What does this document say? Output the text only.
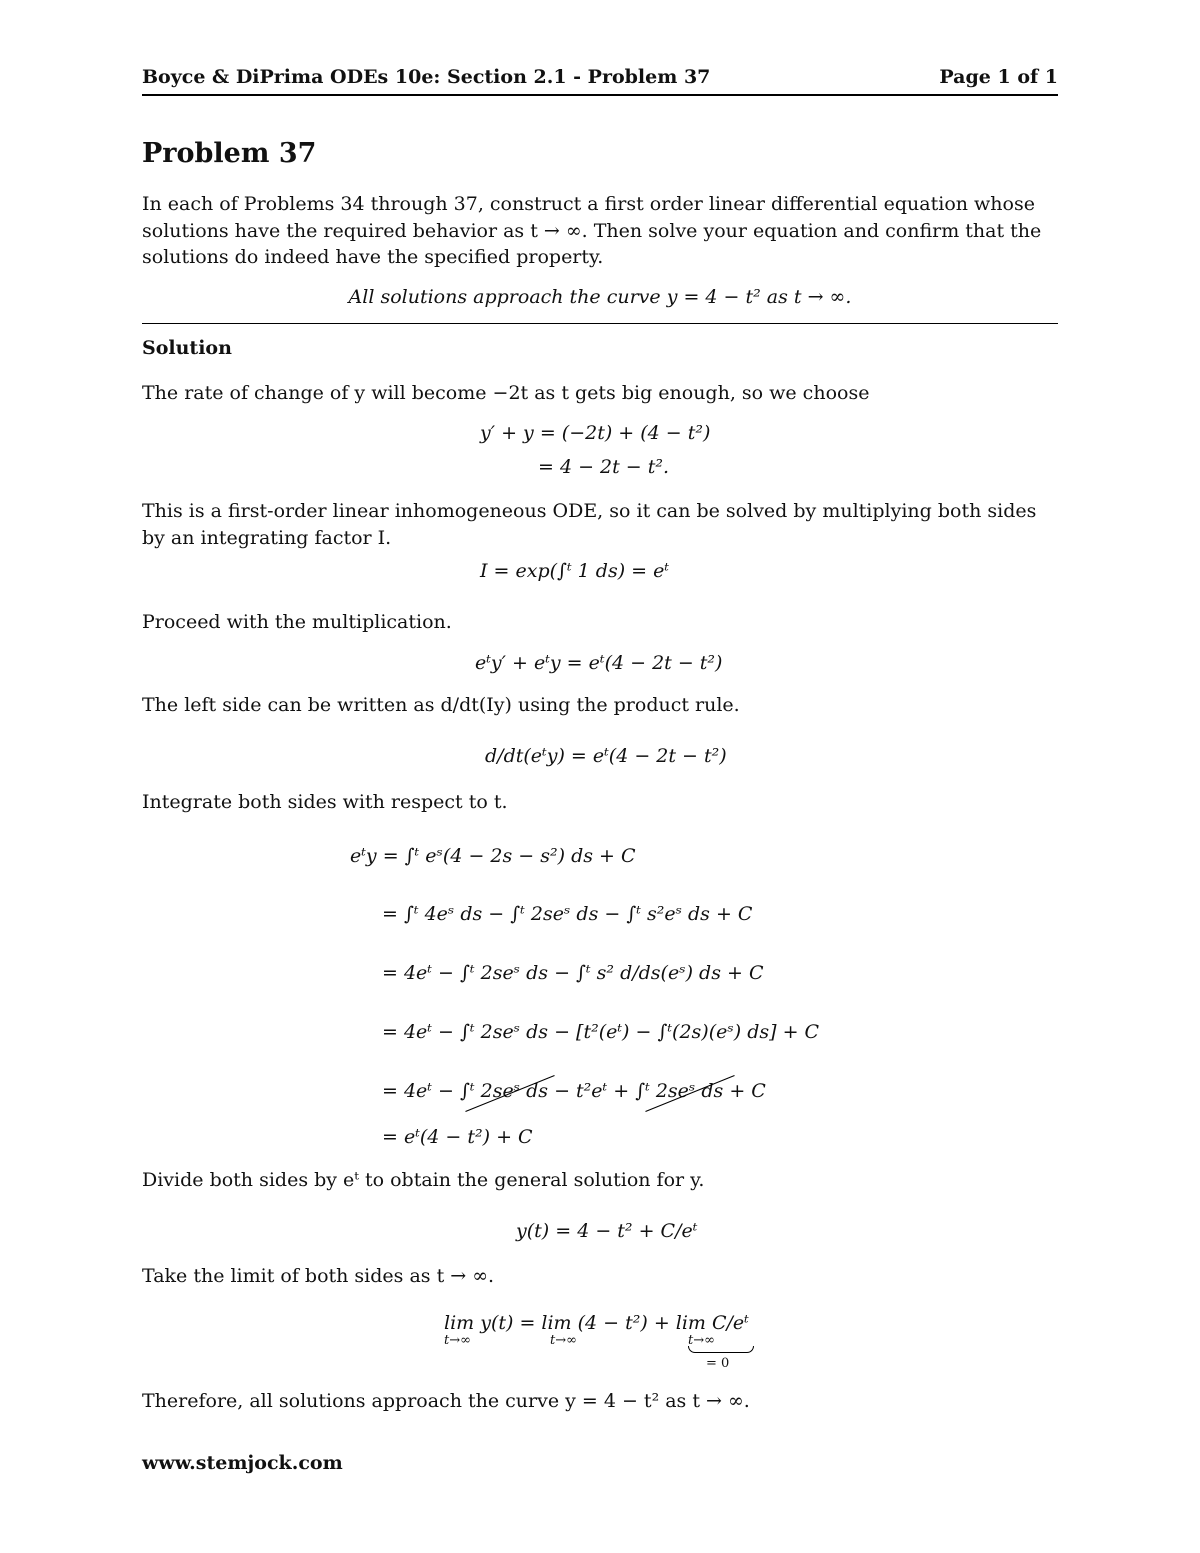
Boyce & DiPrima ODEs 10e: Section 2.1 - Problem 37	Page 1 of 1
Problem 37
In each of Problems 34 through 37, construct a first order linear differential equation whose solutions have the required behavior as t → ∞. Then solve your equation and confirm that the solutions do indeed have the specified property.
All solutions approach the curve y = 4 − t² as t → ∞.
Solution
The rate of change of y will become −2t as t gets big enough, so we choose
y′ + y = (−2t) + (4 − t²)
= 4 − 2t − t².
This is a first-order linear inhomogeneous ODE, so it can be solved by multiplying both sides by an integrating factor I.
I = exp(∫ᵗ 1 ds) = eᵗ
Proceed with the multiplication.
eᵗy′ + eᵗy = eᵗ(4 − 2t − t²)
The left side can be written as d/dt(Iy) using the product rule.
d/dt(eᵗy) = eᵗ(4 − 2t − t²)
Integrate both sides with respect to t.
eᵗy = ∫ᵗ eˢ(4 − 2s − s²) ds + C
= ∫ᵗ 4eˢ ds − ∫ᵗ 2seˢ ds − ∫ᵗ s²eˢ ds + C
= 4eᵗ − ∫ᵗ 2seˢ ds − ∫ᵗ s² d/ds(eˢ) ds + C
= 4eᵗ − ∫ᵗ 2seˢ ds − [t²(eᵗ) − ∫ᵗ(2s)(eˢ) ds] + C
= 4eᵗ − ∫ᵗ 2seˢ ds − t²eᵗ + ∫ᵗ 2seˢ ds + C
= eᵗ(4 − t²) + C
Divide both sides by eᵗ to obtain the general solution for y.
y(t) = 4 − t² + C/eᵗ
Take the limit of both sides as t → ∞.
lim y(t) = lim (4 − t²) + lim C/eᵗ
t→∞	t→∞	t→∞
= 0
Therefore, all solutions approach the curve y = 4 − t² as t → ∞.
www.stemjock.com
